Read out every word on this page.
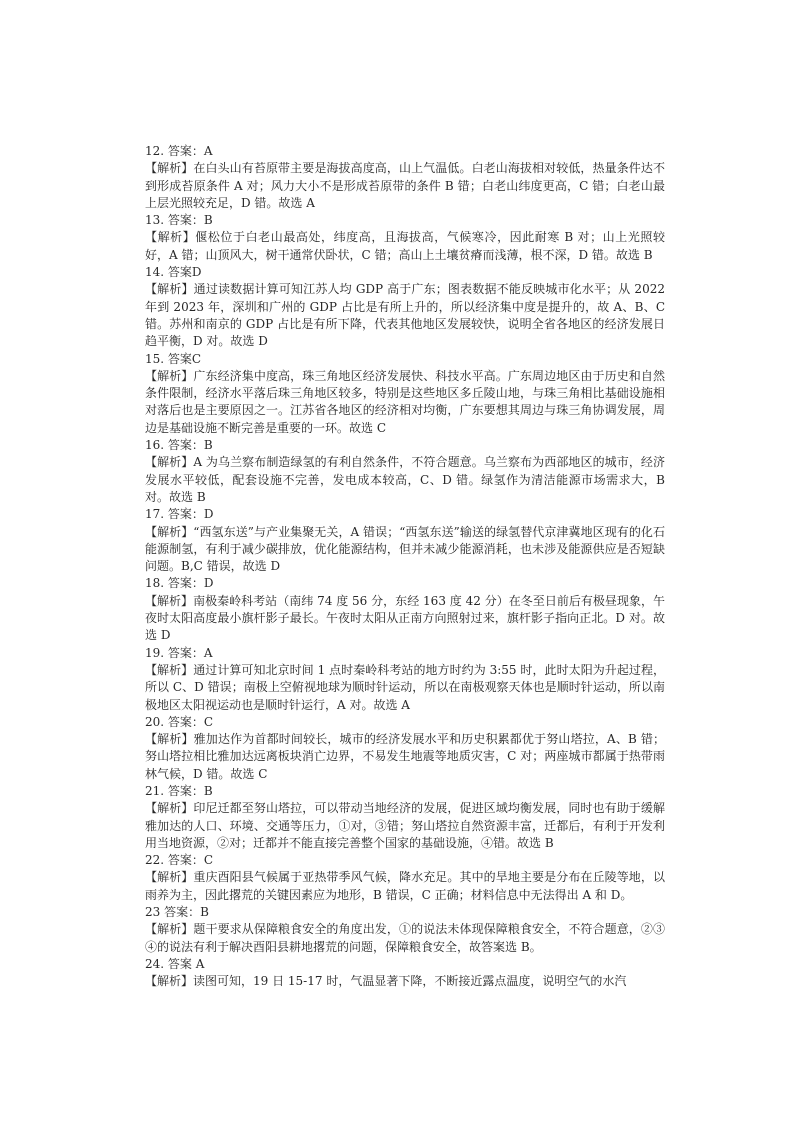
12. 答案：A

【解析】在白头山有苔原带主要是海拔高度高，山上气温低。白老山海拔相对较低，热量条件达不到形成苔原条件 A 对；风力大小不是形成苔原带的条件 B 错；白老山纬度更高，C 错；白老山最上层光照较充足，D 错。故选 A

13. 答案：B

【解析】偃松位于白老山最高处，纬度高，且海拔高，气候寒冷，因此耐寒 B 对；山上光照较好，A 错；山顶风大，树干通常伏卧状，C 错；高山上土壤贫瘠而浅薄，根不深，D 错。故选 B

14. 答案D

【解析】通过读数据计算可知江苏人均 GDP 高于广东；图表数据不能反映城市化水平；从 2022 年到 2023 年，深圳和广州的 GDP 占比是有所上升的，所以经济集中度是提升的，故 A、B、C 错。苏州和南京的 GDP 占比是有所下降，代表其他地区发展较快，说明全省各地区的经济发展日趋平衡，D 对。故选 D

15. 答案C

【解析】广东经济集中度高，珠三角地区经济发展快、科技水平高。广东周边地区由于历史和自然条件限制，经济水平落后珠三角地区较多，特别是这些地区多丘陵山地，与珠三角相比基础设施相对落后也是主要原因之一。江苏省各地区的经济相对均衡，广东要想其周边与珠三角协调发展，周边是基础设施不断完善是重要的一环。故选 C

16. 答案：B

【解析】A 为乌兰察布制造绿氢的有利自然条件，不符合题意。乌兰察布为西部地区的城市，经济发展水平较低，配套设施不完善，发电成本较高，C、D 错。绿氢作为清洁能源市场需求大，B 对。故选 B

17. 答案：D

【解析】“西氢东送”与产业集聚无关，A 错误；“西氢东送”输送的绿氢替代京津冀地区现有的化石能源制氢，有利于减少碳排放，优化能源结构，但并未减少能源消耗，也未涉及能源供应是否短缺问题。B,C 错误，故选 D

18. 答案：D

【解析】南极秦岭科考站（南纬 74 度 56 分，东经 163 度 42 分）在冬至日前后有极昼现象，午夜时太阳高度最小旗杆影子最长。午夜时太阳从正南方向照射过来，旗杆影子指向正北。D 对。故选 D

19. 答案：A

【解析】通过计算可知北京时间 1 点时秦岭科考站的地方时约为 3:55 时，此时太阳为升起过程，所以 C、D 错误；南极上空俯视地球为顺时针运动，所以在南极观察天体也是顺时针运动，所以南极地区太阳视运动也是顺时针运行，A 对。故选 A

20. 答案：C

【解析】雅加达作为首都时间较长，城市的经济发展水平和历史积累都优于努山塔拉，A、B 错；努山塔拉相比雅加达远离板块消亡边界，不易发生地震等地质灾害，C 对；两座城市都属于热带雨林气候，D 错。故选 C

21. 答案：B

【解析】印尼迁都至努山塔拉，可以带动当地经济的发展，促进区域均衡发展，同时也有助于缓解雅加达的人口、环境、交通等压力，①对，③错；努山塔拉自然资源丰富，迁都后，有利于开发利用当地资源，②对；迁都并不能直接完善整个国家的基础设施，④错。故选 B

22. 答案：C

【解析】重庆酉阳县气候属于亚热带季风气候，降水充足。其中的旱地主要是分布在丘陵等地，以雨养为主，因此撂荒的关键因素应为地形，B 错误，C 正确；材料信息中无法得出 A 和 D。

23 答案：B

【解析】题干要求从保障粮食安全的角度出发，①的说法未体现保障粮食安全，不符合题意，②③④的说法有利于解决酉阳县耕地撂荒的问题，保障粮食安全，故答案选 B。

24. 答案 A

【解析】读图可知，19 日 15-17 时，气温显著下降，不断接近露点温度，说明空气的水汽
